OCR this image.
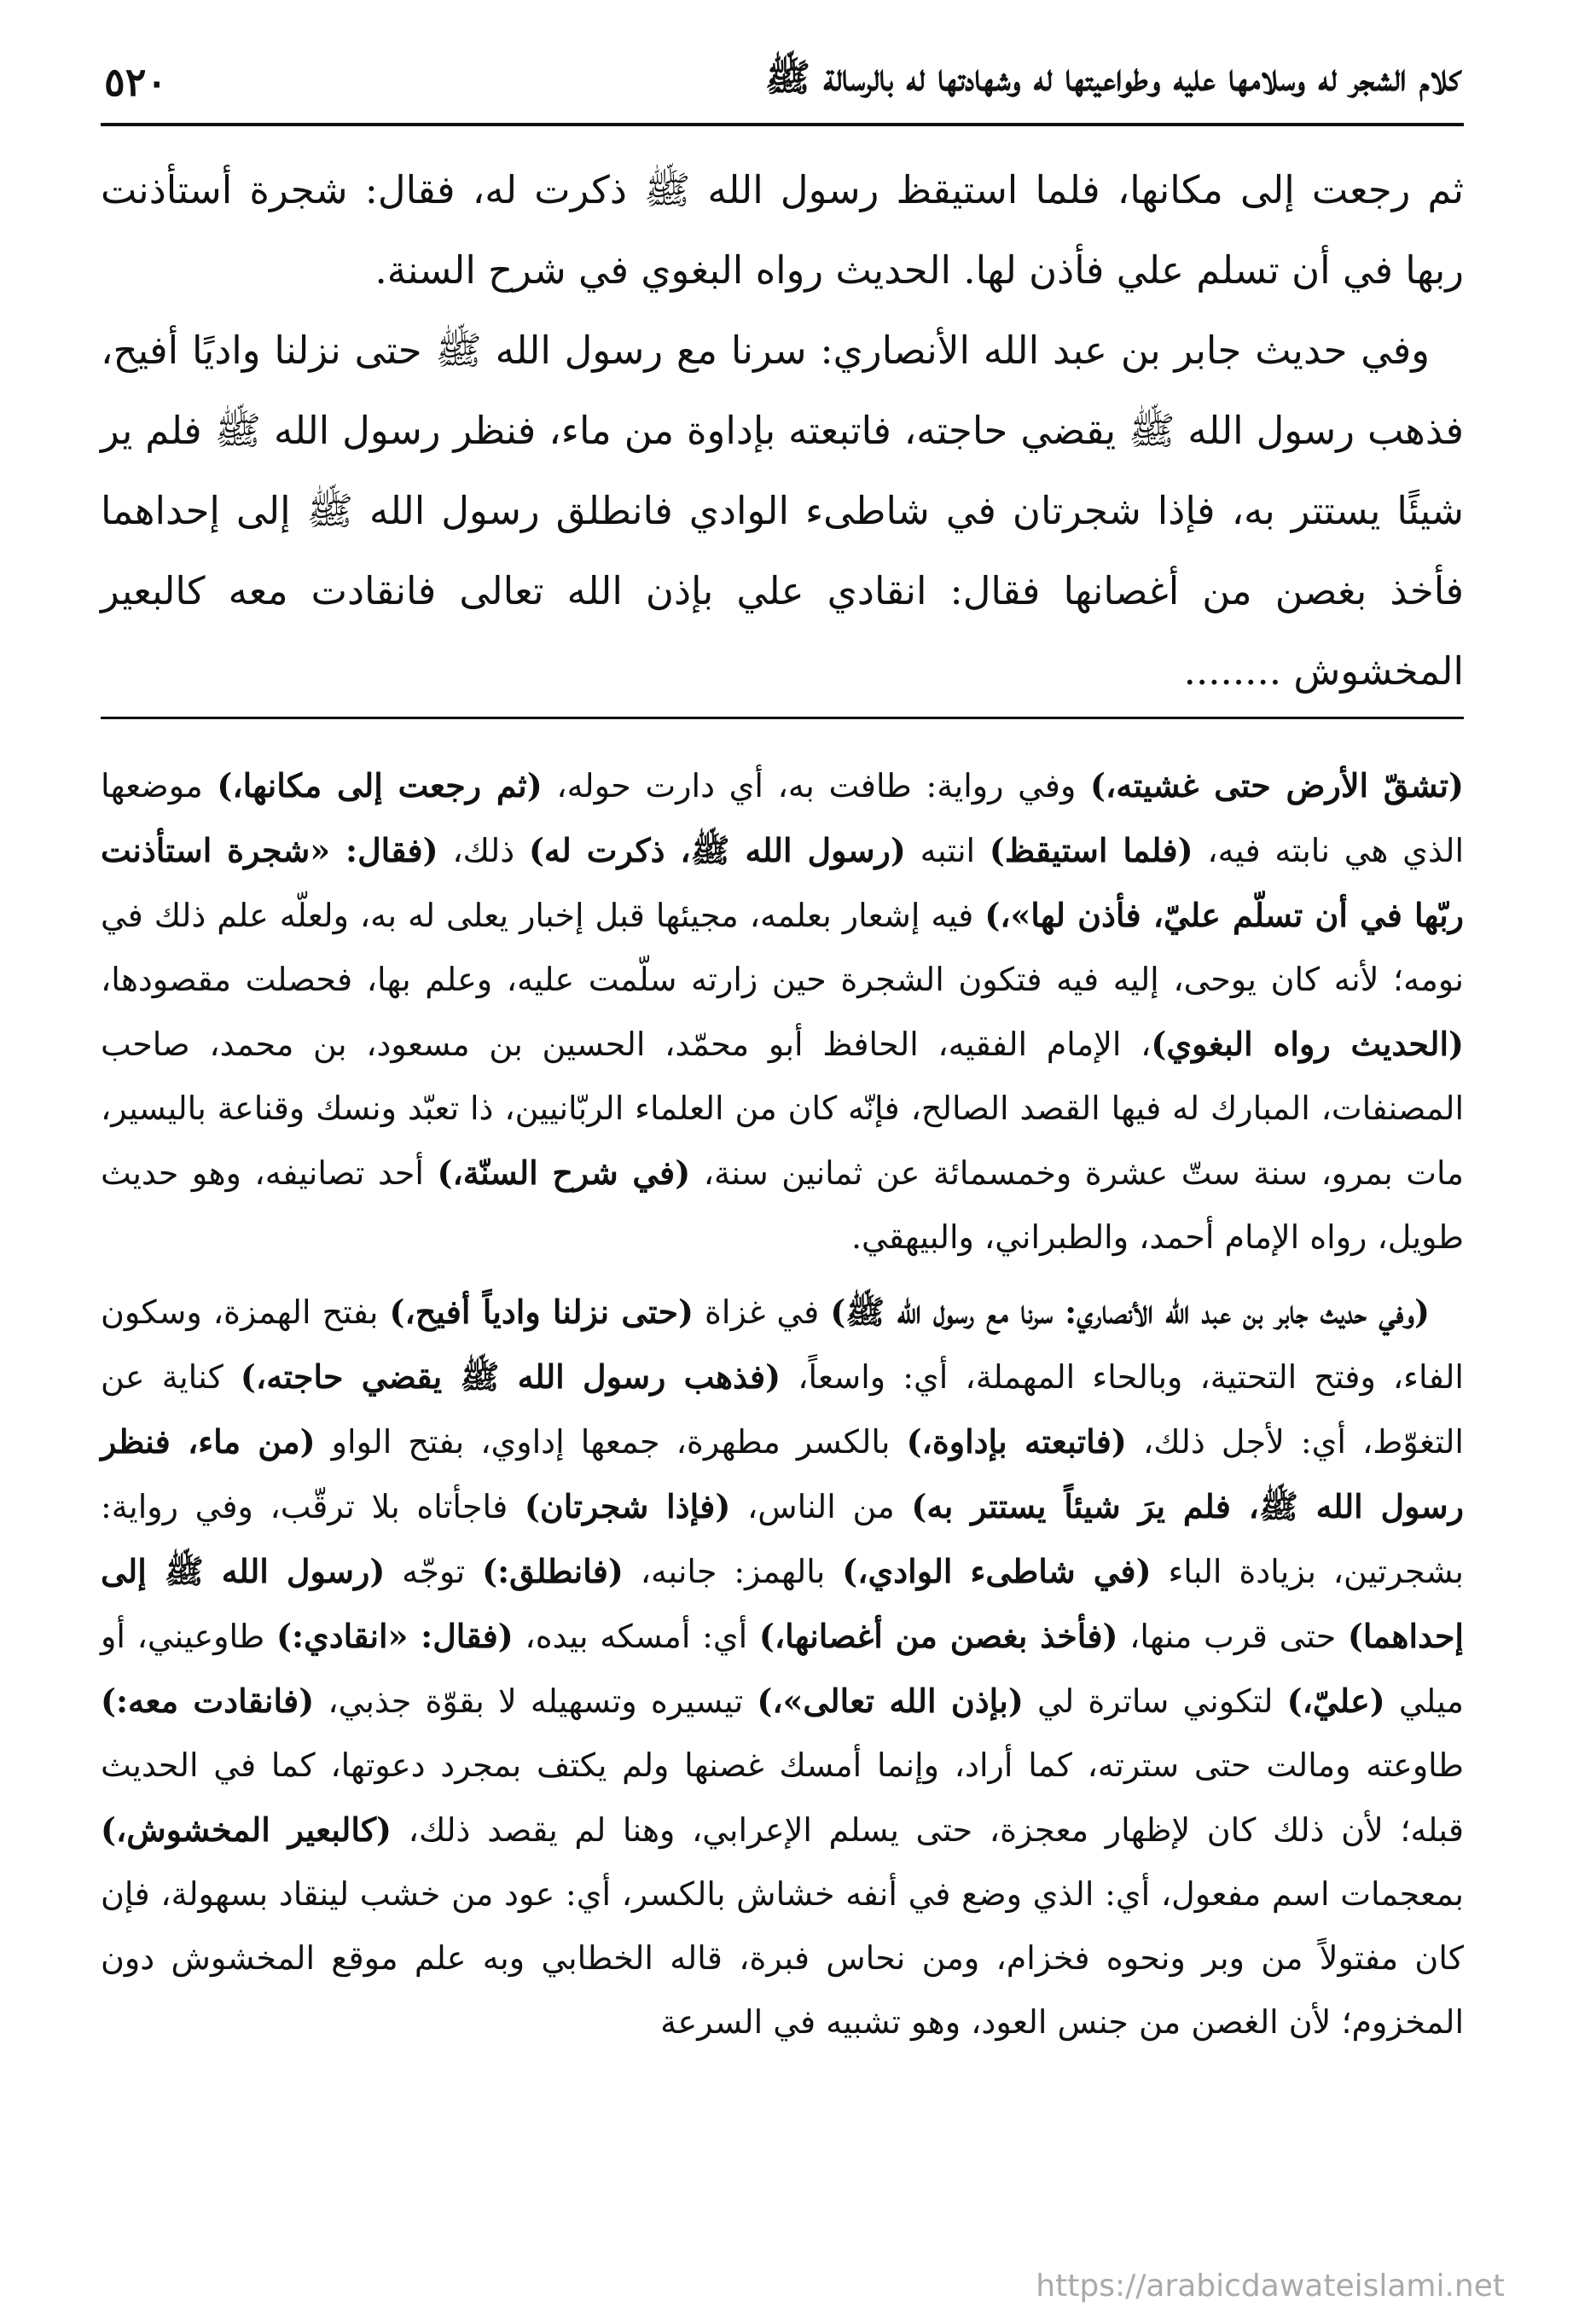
كلام الشجر له وسلامها عليه وطواعيتها له وشهادتها له بالرسالة ﷺ
٥٢٠

ثم رجعت إلى مكانها، فلما استيقظ رسول الله ﷺ ذكرت له، فقال: شجرة أستأذنت ربها في أن تسلم علي فأذن لها. الحديث رواه البغوي في شرح السنة.

وفي حديث جابر بن عبد الله الأنصاري: سرنا مع رسول الله ﷺ حتى نزلنا واديًا أفيح، فذهب رسول الله ﷺ يقضي حاجته، فاتبعته بإداوة من ماء، فنظر رسول الله ﷺ فلم ير شيئًا يستتر به، فإذا شجرتان في شاطىء الوادي فانطلق رسول الله ﷺ إلى إحداهما فأخذ بغصن من أغصانها فقال: انقادي علي بإذن الله تعالى فانقادت معه كالبعير المخشوش ........

(تشقّ الأرض حتى غشيته،) وفي رواية: طافت به، أي دارت حوله، (ثم رجعت إلى مكانها،) موضعها الذي هي نابته فيه، (فلما استيقظ) انتبه (رسول الله ﷺ، ذكرت له) ذلك، (فقال: «شجرة استأذنت ربّها في أن تسلّم عليّ، فأذن لها»،) فيه إشعار بعلمه، مجيئها قبل إخبار يعلى له به، ولعلّه علم ذلك في نومه؛ لأنه كان يوحى، إليه فيه فتكون الشجرة حين زارته سلّمت عليه، وعلم بها، فحصلت مقصودها، (الحديث رواه البغوي)، الإمام الفقيه، الحافظ أبو محمّد، الحسين بن مسعود، بن محمد، صاحب المصنفات، المبارك له فيها القصد الصالح، فإنّه كان من العلماء الربّانيين، ذا تعبّد ونسك وقناعة باليسير، مات بمرو، سنة ستّ عشرة وخمسمائة عن ثمانين سنة، (في شرح السنّة،) أحد تصانيفه، وهو حديث طويل، رواه الإمام أحمد، والطبراني، والبيهقي.

(وفي حديث جابر بن عبد الله الأنصاري: سرنا مع رسول الله ﷺ) في غزاة (حتى نزلنا وادياً أفيح،) بفتح الهمزة، وسكون الفاء، وفتح التحتية، وبالحاء المهملة، أي: واسعاً، (فذهب رسول الله ﷺ يقضي حاجته،) كناية عن التغوّط، أي: لأجل ذلك، (فاتبعته بإداوة،) بالكسر مطهرة، جمعها إداوي، بفتح الواو (من ماء، فنظر رسول الله ﷺ، فلم يرَ شيئاً يستتر به) من الناس، (فإذا شجرتان) فاجأتاه بلا ترقّب، وفي رواية: بشجرتين، بزيادة الباء (في شاطىء الوادي،) بالهمز: جانبه، (فانطلق:) توجّه (رسول الله ﷺ إلى إحداهما) حتى قرب منها، (فأخذ بغصن من أغصانها،) أي: أمسكه بيده، (فقال: «انقادي:) طاوعيني، أو ميلي (عليّ،) لتكوني ساترة لي (بإذن الله تعالى»،) تيسيره وتسهيله لا بقوّة جذبي، (فانقادت معه:) طاوعته ومالت حتى سترته، كما أراد، وإنما أمسك غصنها ولم يكتف بمجرد دعوتها، كما في الحديث قبله؛ لأن ذلك كان لإظهار معجزة، حتى يسلم الإعرابي، وهنا لم يقصد ذلك، (كالبعير المخشوش،) بمعجمات اسم مفعول، أي: الذي وضع في أنفه خشاش بالكسر، أي: عود من خشب لينقاد بسهولة، فإن كان مفتولاً من وبر ونحوه فخزام، ومن نحاس فبرة، قاله الخطابي وبه علم موقع المخشوش دون المخزوم؛ لأن الغصن من جنس العود، وهو تشبيه في السرعة

https://arabicdawateislami.net
